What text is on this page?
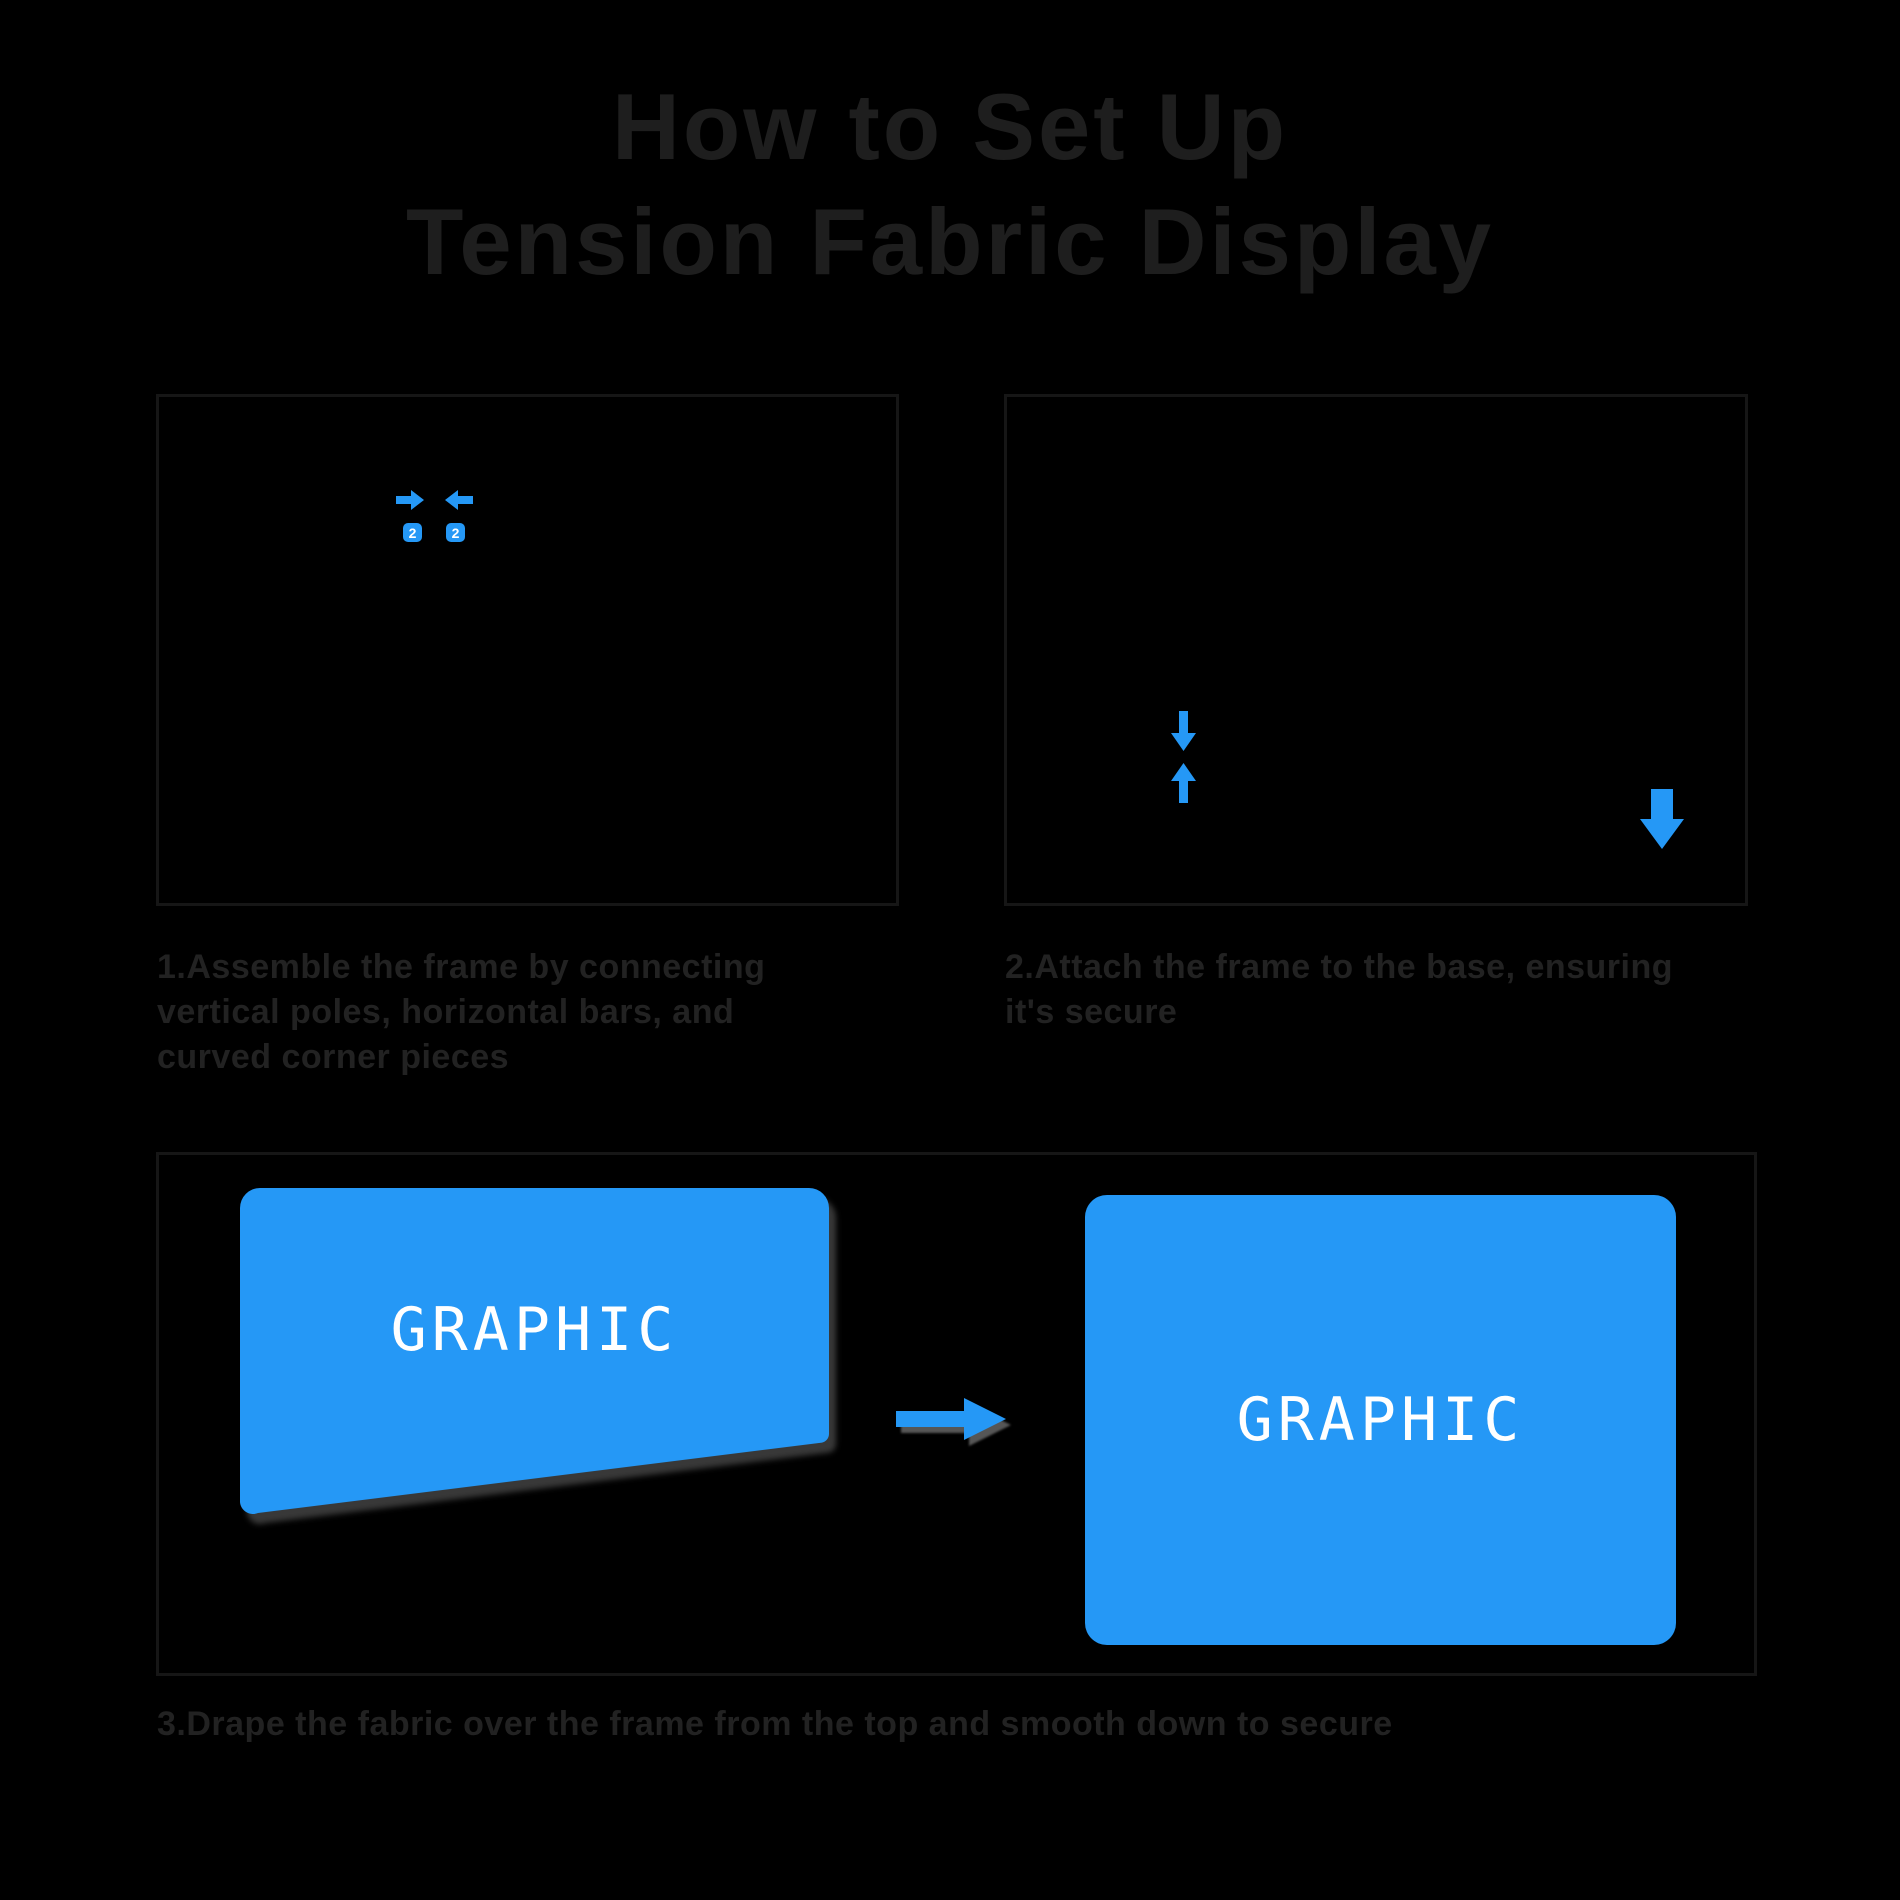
How to Set Up
Tension Fabric Display
2	2
1.Assemble the frame by connecting vertical poles, horizontal bars, and curved corner pieces
2.Attach the frame to the base, ensuring it's secure
GRAPHIC
GRAPHIC
3.Drape the fabric over the frame from the top and smooth down to secure
